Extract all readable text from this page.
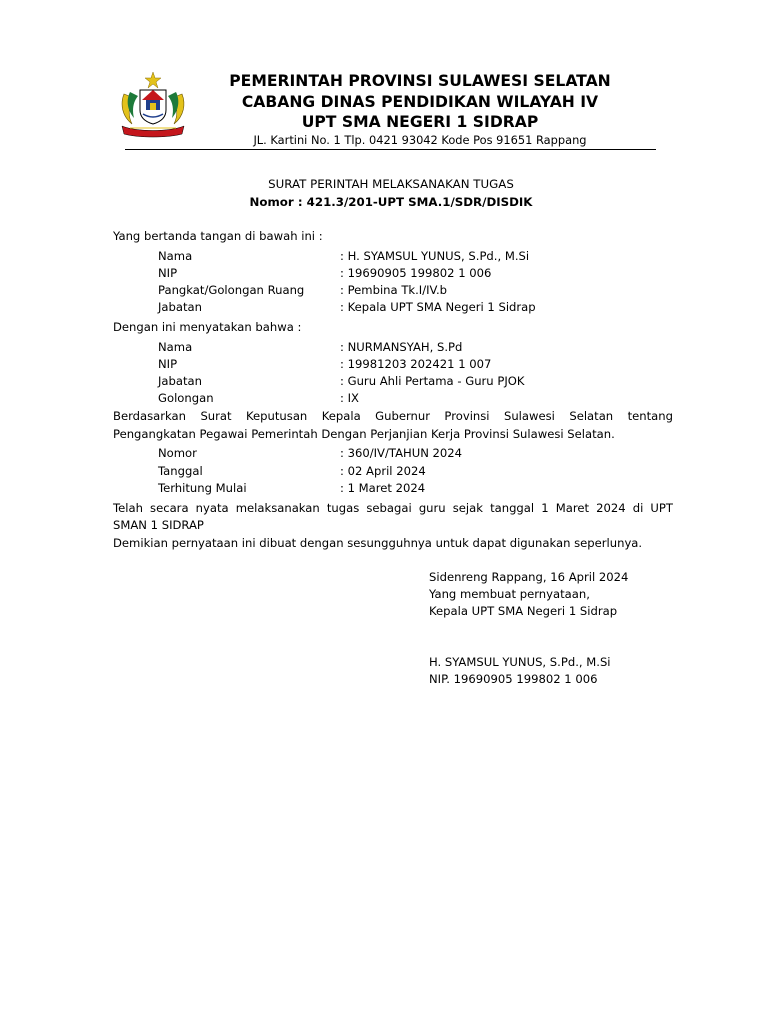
PEMERINTAH PROVINSI SULAWESI SELATAN
CABANG DINAS PENDIDIKAN WILAYAH IV
UPT SMA NEGERI 1 SIDRAP
JL. Kartini No. 1 Tlp. 0421 93042 Kode Pos 91651 Rappang
SURAT PERINTAH MELAKSANAKAN TUGAS
Nomor : 421.3/201-UPT SMA.1/SDR/DISDIK
Yang bertanda tangan di bawah ini :
Nama	: H. SYAMSUL YUNUS, S.Pd., M.Si
NIP	: 19690905 199802 1 006
Pangkat/Golongan Ruang	: Pembina Tk.I/IV.b
Jabatan	: Kepala UPT SMA Negeri 1 Sidrap
Dengan ini menyatakan bahwa :
Nama	: NURMANSYAH, S.Pd
NIP	: 19981203 202421 1 007
Jabatan	: Guru Ahli Pertama - Guru PJOK
Golongan	: IX
Berdasarkan Surat Keputusan Kepala Gubernur Provinsi Sulawesi Selatan tentang
Pengangkatan Pegawai Pemerintah Dengan Perjanjian Kerja Provinsi Sulawesi Selatan.
Nomor	: 360/IV/TAHUN 2024
Tanggal	: 02 April 2024
Terhitung Mulai	: 1 Maret 2024
Telah secara nyata melaksanakan tugas sebagai guru sejak tanggal 1 Maret 2024 di UPT
SMAN 1 SIDRAP
Demikian pernyataan ini dibuat dengan sesungguhnya untuk dapat digunakan seperlunya.
Sidenreng Rappang, 16 April 2024
Yang membuat pernyataan,
Kepala UPT SMA Negeri 1 Sidrap
H. SYAMSUL YUNUS, S.Pd., M.Si
NIP. 19690905 199802 1 006
